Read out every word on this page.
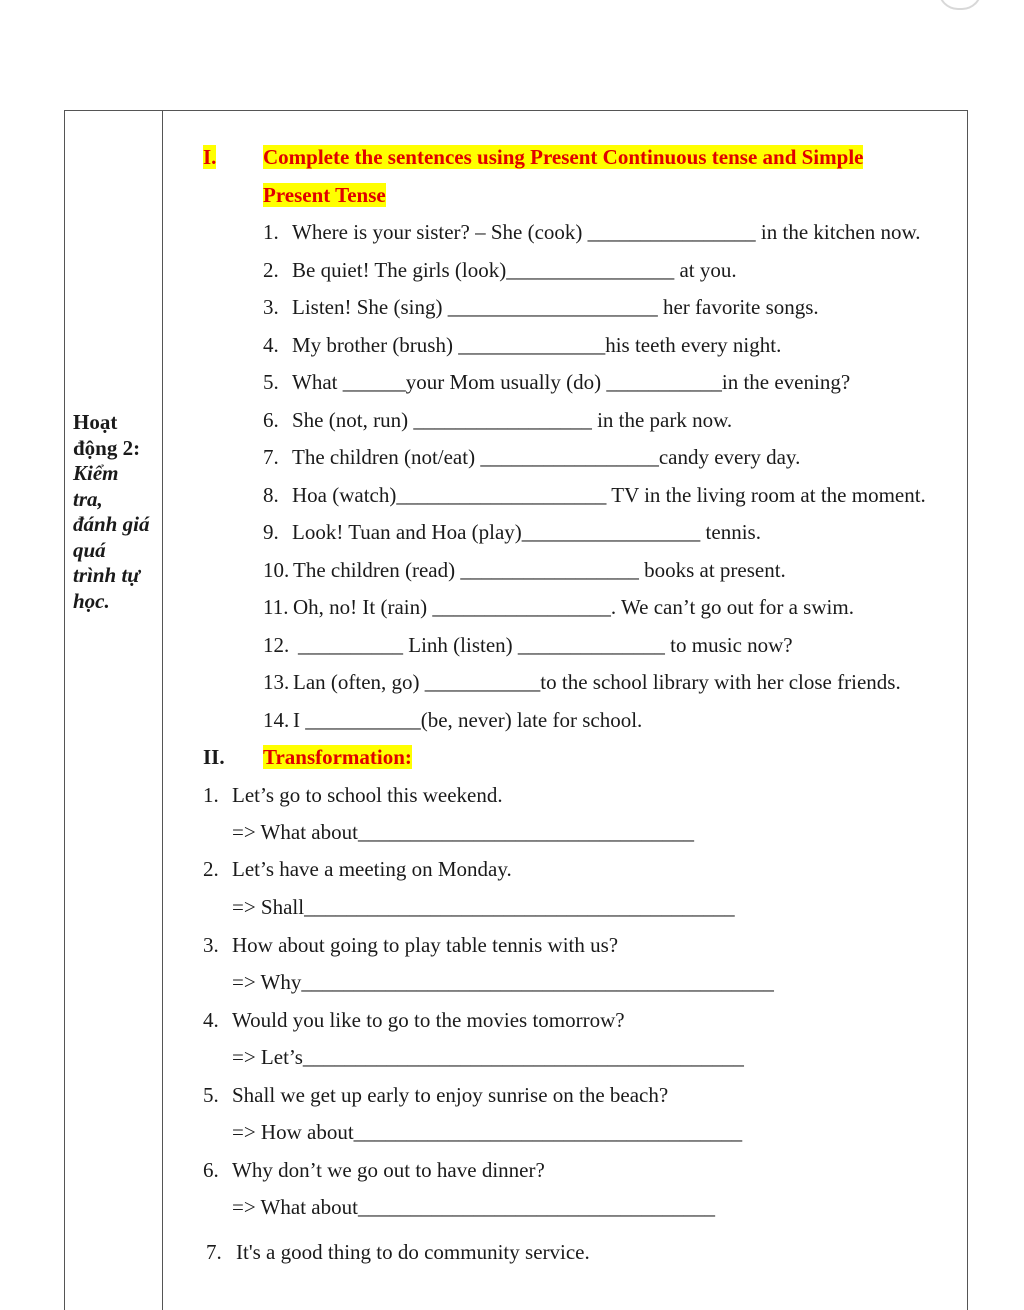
Hoạt
động 2:
Kiểm
tra,
đánh giá
quá
trình tự
học.
I. Complete the sentences using Present Continuous tense and Simple
Present Tense
1. Where is your sister? – She (cook) ________________ in the kitchen now.
2. Be quiet! The girls (look)________________ at you.
3. Listen! She (sing) ____________________ her favorite songs.
4. My brother (brush) ______________his teeth every night.
5. What ______your Mom usually (do) ___________in the evening?
6. She (not, run) _________________ in the park now.
7. The children (not/eat) _________________candy every day.
8. Hoa (watch)____________________ TV in the living room at the moment.
9. Look! Tuan and Hoa (play)_________________ tennis.
10. The children (read) _________________ books at present.
11. Oh, no! It (rain) _________________. We can’t go out for a swim.
12. __________ Linh (listen) ______________ to music now?
13. Lan (often, go) ___________to the school library with her close friends.
14. I ___________(be, never) late for school.
II. Transformation:
1. Let’s go to school this weekend.
=> What about________________________________
2. Let’s have a meeting on Monday.
=> Shall_________________________________________
3. How about going to play table tennis with us?
=> Why_____________________________________________
4. Would you like to go to the movies tomorrow?
=> Let’s__________________________________________
5. Shall we get up early to enjoy sunrise on the beach?
=> How about_____________________________________
6. Why don’t we go out to have dinner?
=> What about__________________________________
7. It's a good thing to do community service.
